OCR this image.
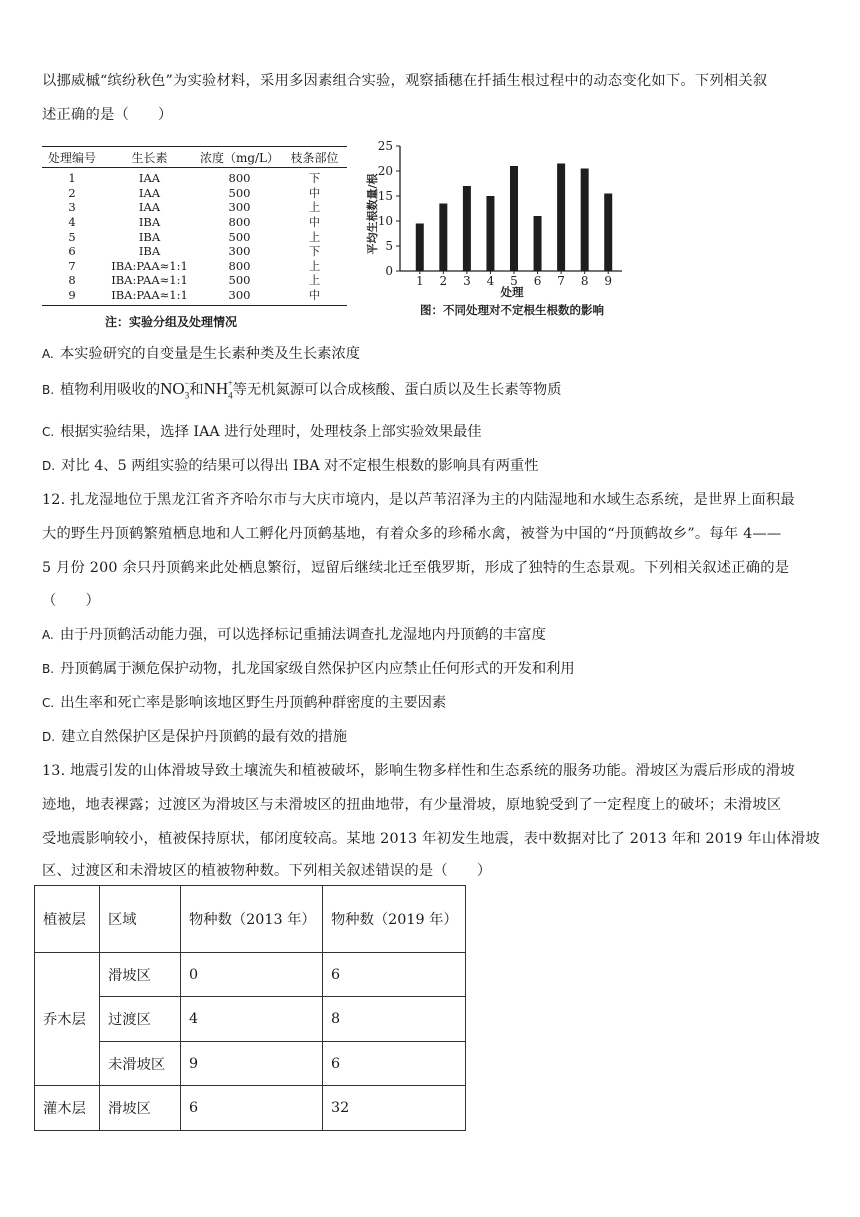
以挪威槭“缤纷秋色”为实验材料，采用多因素组合实验，观察插穗在扦插生根过程中的动态变化如下。下列相关叙
述正确的是（　　）
处理编号	生长素	浓度（mg/L） 枝条部位
1	IAA	800	下
2	IAA	500	中
3	IAA	300	上
4	IBA	800	中
5	IBA	500	上
6	IBA	300	下
7	IBA:PAA≈1:1	800	上
8	IBA:PAA≈1:1	500	上
9	IBA:PAA≈1:1	300	中
注：实验分组及处理情况
平均生根数量/根
0
5
10
15
20
25
1 2 3 4 5 6 7 8 9
处理
图：不同处理对不定根生根数的影响
A. 本实验研究的自变量是生长素种类及生长素浓度
B. 植物利用吸收的$NO_3^-$和$NH_4^+$等无机氮源可以合成核酸、蛋白质以及生长素等物质
C. 根据实验结果，选择 IAA 进行处理时，处理枝条上部实验效果最佳
D. 对比 4、5 两组实验的结果可以得出 IBA 对不定根生根数的影响具有两重性
12. 扎龙湿地位于黑龙江省齐齐哈尔市与大庆市境内，是以芦苇沼泽为主的内陆湿地和水域生态系统，是世界上面积最
大的野生丹顶鹤繁殖栖息地和人工孵化丹顶鹤基地，有着众多的珍稀水禽，被誉为中国的“丹顶鹤故乡”。每年 4——
5 月份 200 余只丹顶鹤来此处栖息繁衍，逗留后继续北迁至俄罗斯，形成了独特的生态景观。下列相关叙述正确的是
（　　）
A. 由于丹顶鹤活动能力强，可以选择标记重捕法调查扎龙湿地内丹顶鹤的丰富度
B. 丹顶鹤属于濒危保护动物，扎龙国家级自然保护区内应禁止任何形式的开发和利用
C. 出生率和死亡率是影响该地区野生丹顶鹤种群密度的主要因素
D. 建立自然保护区是保护丹顶鹤的最有效的措施
13. 地震引发的山体滑坡导致土壤流失和植被破坏，影响生物多样性和生态系统的服务功能。滑坡区为震后形成的滑坡
迹地，地表裸露；过渡区为滑坡区与未滑坡区的扭曲地带，有少量滑坡，原地貌受到了一定程度上的破坏；未滑坡区
受地震影响较小，植被保持原状，郁闭度较高。某地 2013 年初发生地震，表中数据对比了 2013 年和 2019 年山体滑坡
区、过渡区和未滑坡区的植被物种数。下列相关叙述错误的是（　　）
植被层	区域	物种数（2013 年）	物种数（2019 年）
乔木层	滑坡区	0	6
	过渡区	4	8
	未滑坡区	9	6
灌木层	滑坡区	6	32
